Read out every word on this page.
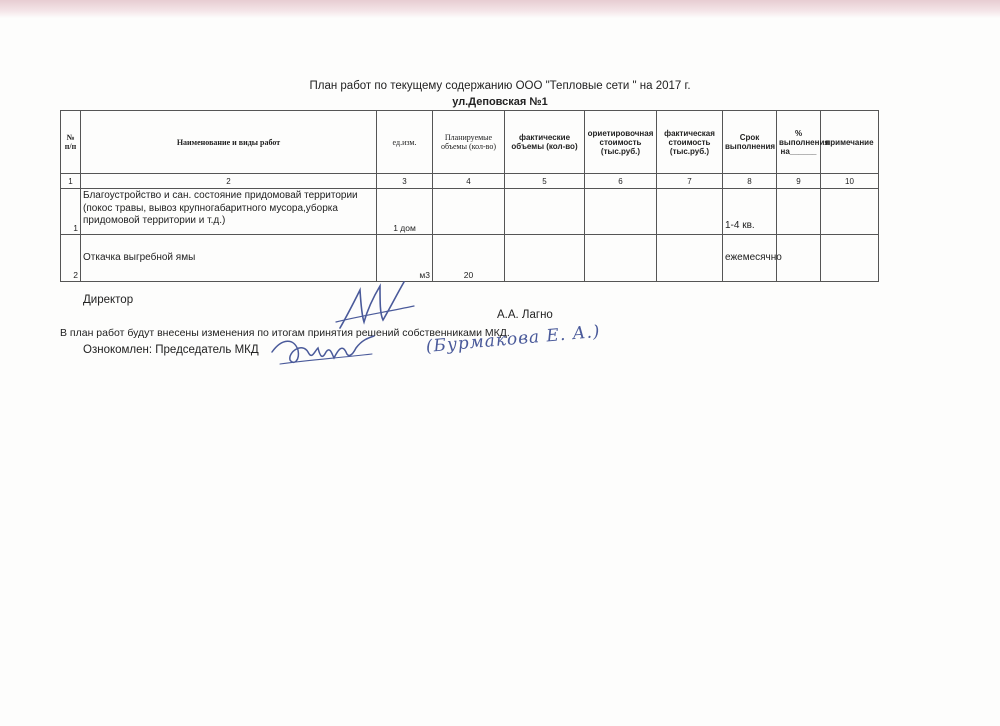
План работ по текущему содержанию ООО "Тепловые сети " на 2017 г.

ул.Деповская №1

№ п/п	Наименование и виды работ	ед.изм.	Планируемые объемы (кол-во)	фактические объемы (кол-во)	ориетировочная стоимость (тыс.руб.)	фактическая стоимость (тыс.руб.)	Срок выполнения	% выполнения на______	примечание
1	2	3	4	5	6	7	8	9	10
1	Благоустройство и сан. состояние придомовай территории (покос травы, вывоз крупногабаритного мусора,уборка придомовой территории и т.д.)	1 дом					1-4 кв.		
2	Откачка выгребной ямы	м3	20				ежемесячно		

Директор

А.А. Лагно

В план работ будут внесены изменения по итогам принятия решений собственниками МКД.

Ознокомлен: Председатель МКД	(Бурмакова Е. А.)
